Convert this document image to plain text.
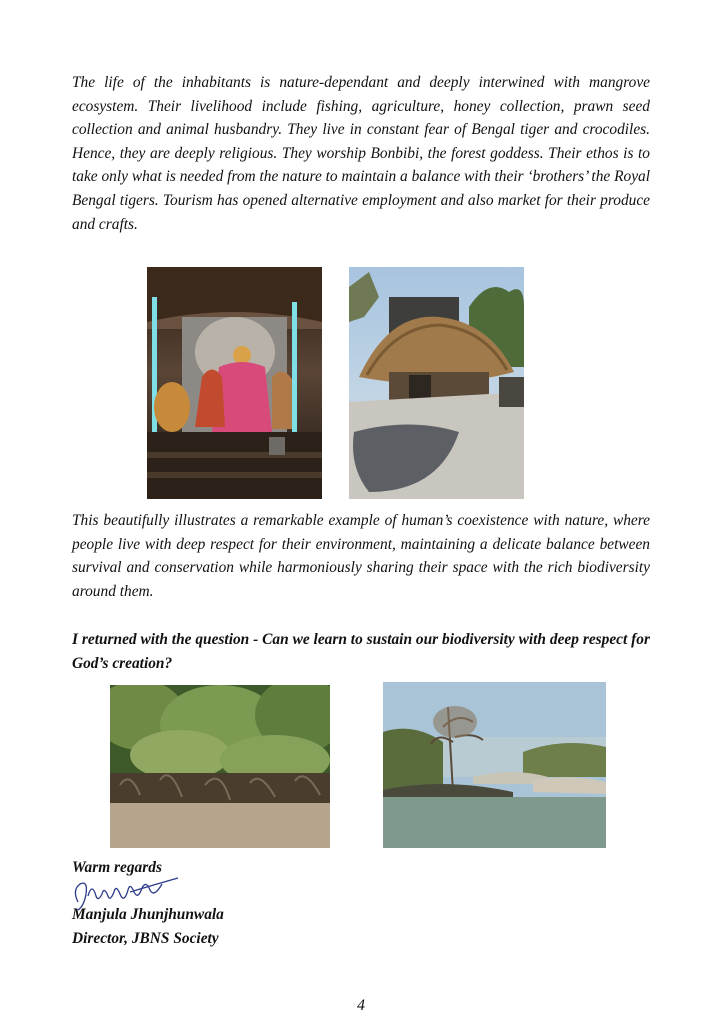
The life of the inhabitants is nature-dependant and deeply interwined with mangrove ecosystem. Their livelihood include fishing, agriculture, honey collection, prawn seed collection and animal husbandry. They live in constant fear of Bengal tiger and crocodiles. Hence, they are deeply religious. They worship Bonbibi, the forest goddess. Their ethos is to take only what is needed from the nature to maintain a balance with their ‘brothers’ the Royal Bengal tigers. Tourism has opened alternative employment and also market for their produce and crafts.

This beautifully illustrates a remarkable example of human’s coexistence with nature, where people live with deep respect for their environment, maintaining a delicate balance between survival and conservation while harmoniously sharing their space with the rich biodiversity around them.

I returned with the question - Can we learn to sustain our biodiversity with deep respect for God’s creation?

Warm regards
Manjula Jhunjhunwala
Director, JBNS Society
4
